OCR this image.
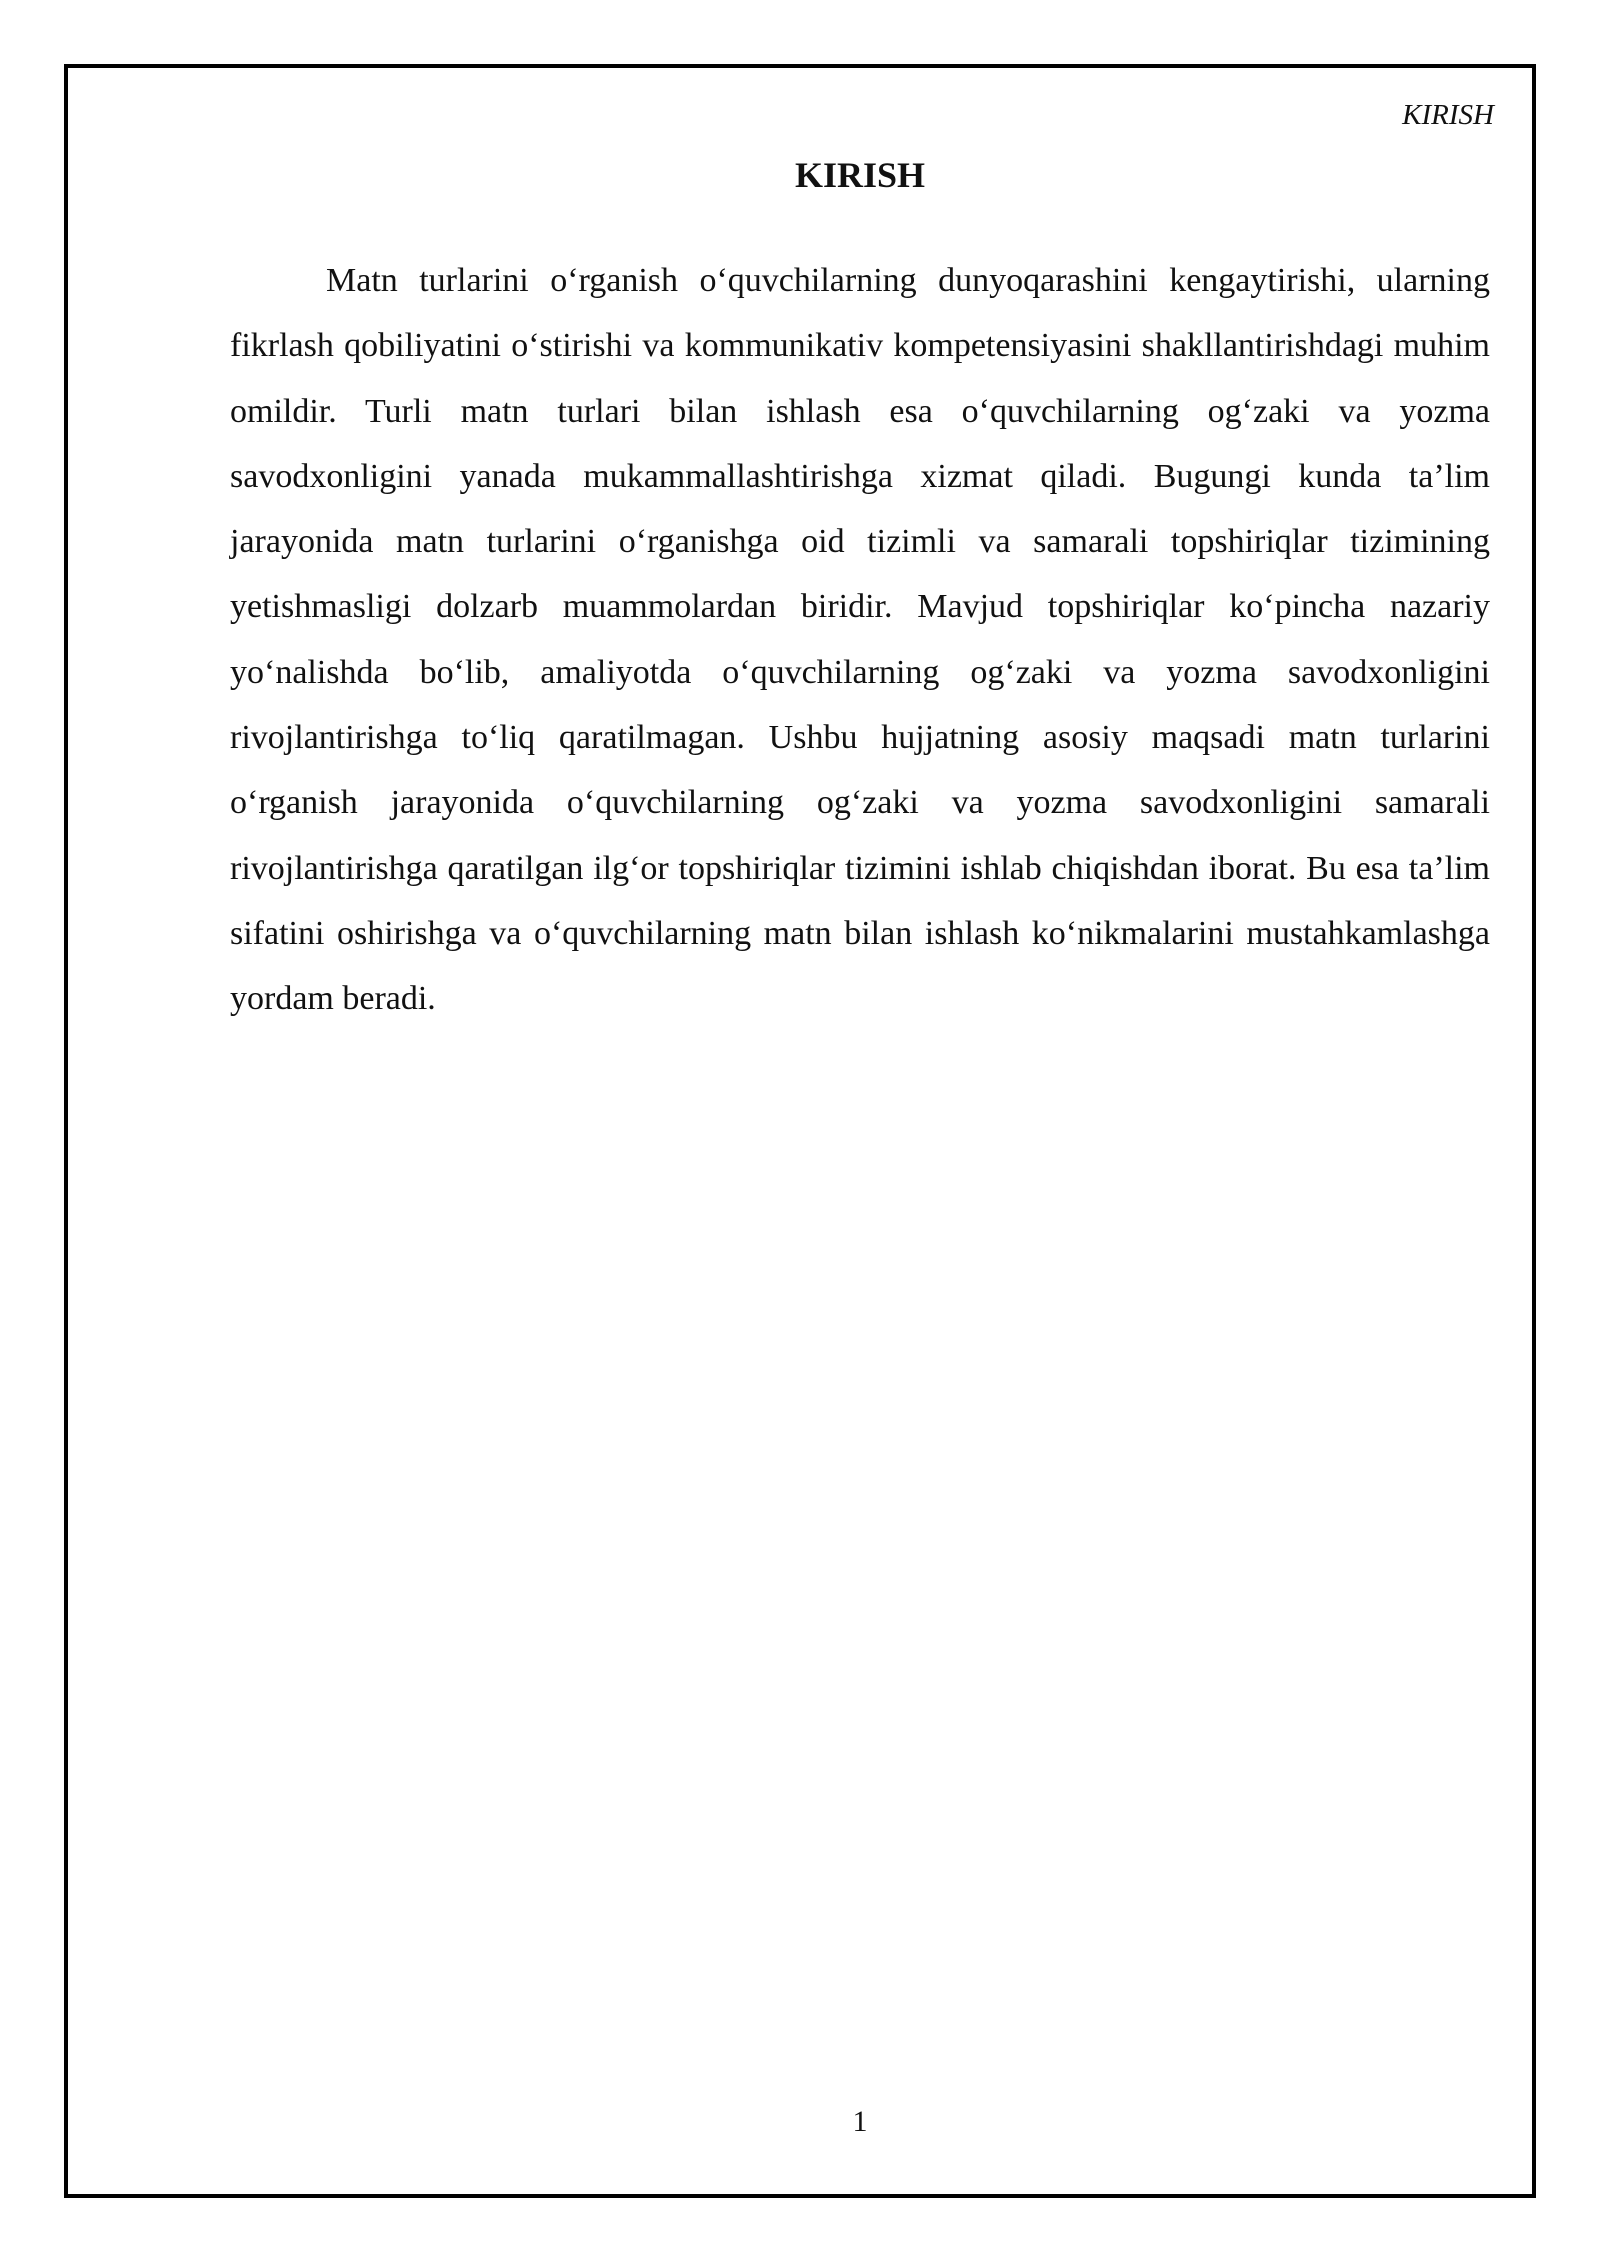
KIRISH
KIRISH

Matn turlarini o‘rganish o‘quvchilarning dunyoqarashini kengaytirishi, ularning fikrlash qobiliyatini o‘stirishi va kommunikativ kompetensiyasini shakllantirishdagi muhim omildir. Turli matn turlari bilan ishlash esa o‘quvchilarning og‘zaki va yozma savodxonligini yanada mukammallashtirishga xizmat qiladi. Bugungi kunda ta’lim jarayonida matn turlarini o‘rganishga oid tizimli va samarali topshiriqlar tizimining yetishmasligi dolzarb muammolardan biridir. Mavjud topshiriqlar ko‘pincha nazariy yo‘nalishda bo‘lib, amaliyotda o‘quvchilarning og‘zaki va yozma savodxonligini rivojlantirishga to‘liq qaratilmagan. Ushbu hujjatning asosiy maqsadi matn turlarini o‘rganish jarayonida o‘quvchilarning og‘zaki va yozma savodxonligini samarali rivojlantirishga qaratilgan ilg‘or topshiriqlar tizimini ishlab chiqishdan iborat. Bu esa ta’lim sifatini oshirishga va o‘quvchilarning matn bilan ishlash ko‘nikmalarini mustahkamlashga yordam beradi.

1
